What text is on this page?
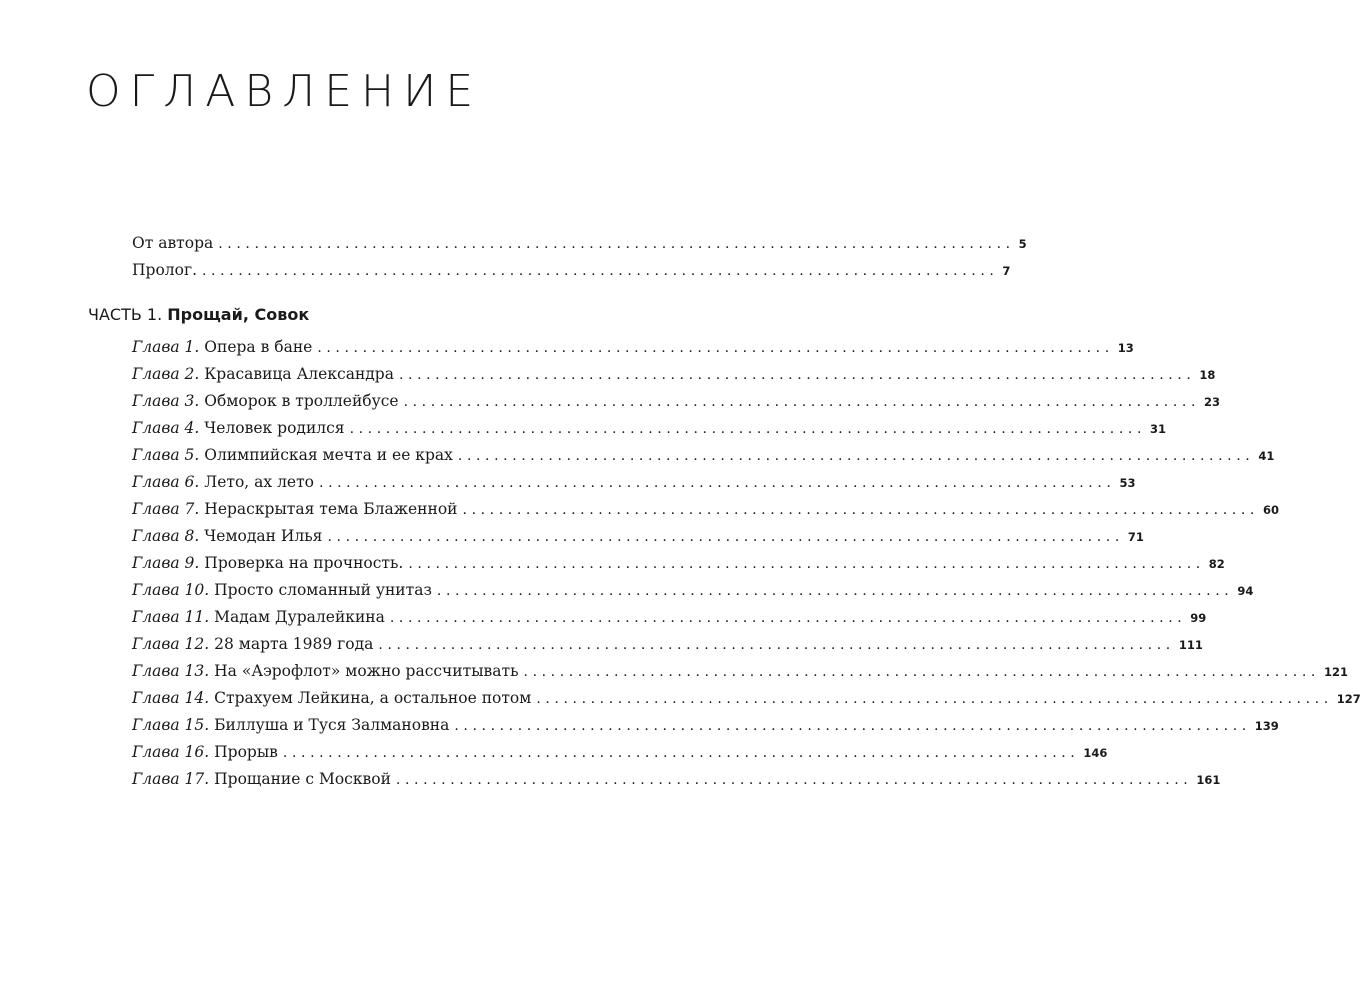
ОГЛАВЛЕНИЕ
От автора ........................................................................................ 5
Пролог. ........................................................................................ 7
ЧАСТЬ 1. Прощай, Совок
Глава 1. Опера в бане ........................................................................................ 13
Глава 2. Красавица Александра ........................................................................................ 18
Глава 3. Обморок в троллейбусе ........................................................................................ 23
Глава 4. Человек родился ........................................................................................ 31
Глава 5. Олимпийская мечта и ее крах ........................................................................................ 41
Глава 6. Лето, ах лето ........................................................................................ 53
Глава 7. Нераскрытая тема Блаженной ........................................................................................ 60
Глава 8. Чемодан Илья ........................................................................................ 71
Глава 9. Проверка на прочность. ........................................................................................ 82
Глава 10. Просто сломанный унитаз ........................................................................................ 94
Глава 11. Мадам Дуралейкина ........................................................................................ 99
Глава 12. 28 марта 1989 года ........................................................................................ 111
Глава 13. На «Аэрофлот» можно рассчитывать ........................................................................................ 121
Глава 14. Страхуем Лейкина, а остальное потом ........................................................................................ 127
Глава 15. Биллуша и Туся Залмановна ........................................................................................ 139
Глава 16. Прорыв ........................................................................................ 146
Глава 17. Прощание с Москвой ........................................................................................ 161
